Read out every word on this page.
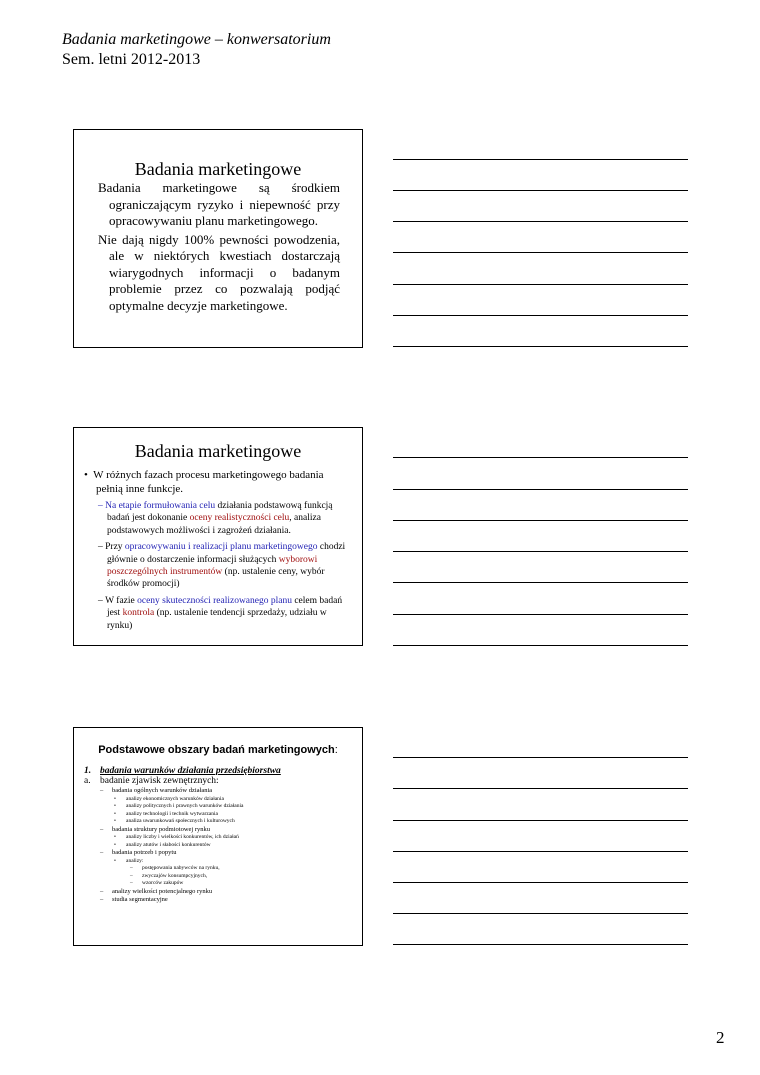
Badania marketingowe – konwersatorium
Sem. letni 2012-2013
Badania marketingowe
Badania marketingowe są środkiem ograniczającym ryzyko i niepewność przy opracowywaniu planu marketingowego.
Nie dają nigdy 100% pewności powodzenia, ale w niektórych kwestiach dostarczają wiarygodnych informacji o badanym problemie przez co pozwalają podjąć optymalne decyzje marketingowe.
Badania marketingowe
• W różnych fazach procesu marketingowego badania pełnią inne funkcje.
– Na etapie formułowania celu działania podstawową funkcją badań jest dokonanie oceny realistyczności celu, analiza podstawowych możliwości i zagrożeń działania.
– Przy opracowywaniu i realizacji planu marketingowego chodzi głównie o dostarczenie informacji służących wyborowi poszczególnych instrumentów (np. ustalenie ceny, wybór środków promocji)
– W fazie oceny skuteczności realizowanego planu celem badań jest kontrola (np. ustalenie tendencji sprzedaży, udziału w rynku)
Podstawowe obszary badań marketingowych:
1. badania warunków działania przedsiębiorstwa
a. badanie zjawisk zewnętrznych:
– badania ogólnych warunków działania
• analizy ekonomicznych warunków działania
• analizy politycznych i prawnych warunków działania
• analizy technologii i technik wytwarzania
• analiza uwarunkowań społecznych i kulturowych
– badania struktury podmiotowej rynku
• analizy liczby i wielkości konkurentów, ich działań
• analizy atutów i słabości konkurentów
– badania potrzeb i popytu
• analizy:
– postępowania nabywców na rynku,
– zwyczajów konsumpcyjnych,
– wzorców zakupów
– analizy wielkości potencjalnego rynku
– studia segmentacyjne
2
